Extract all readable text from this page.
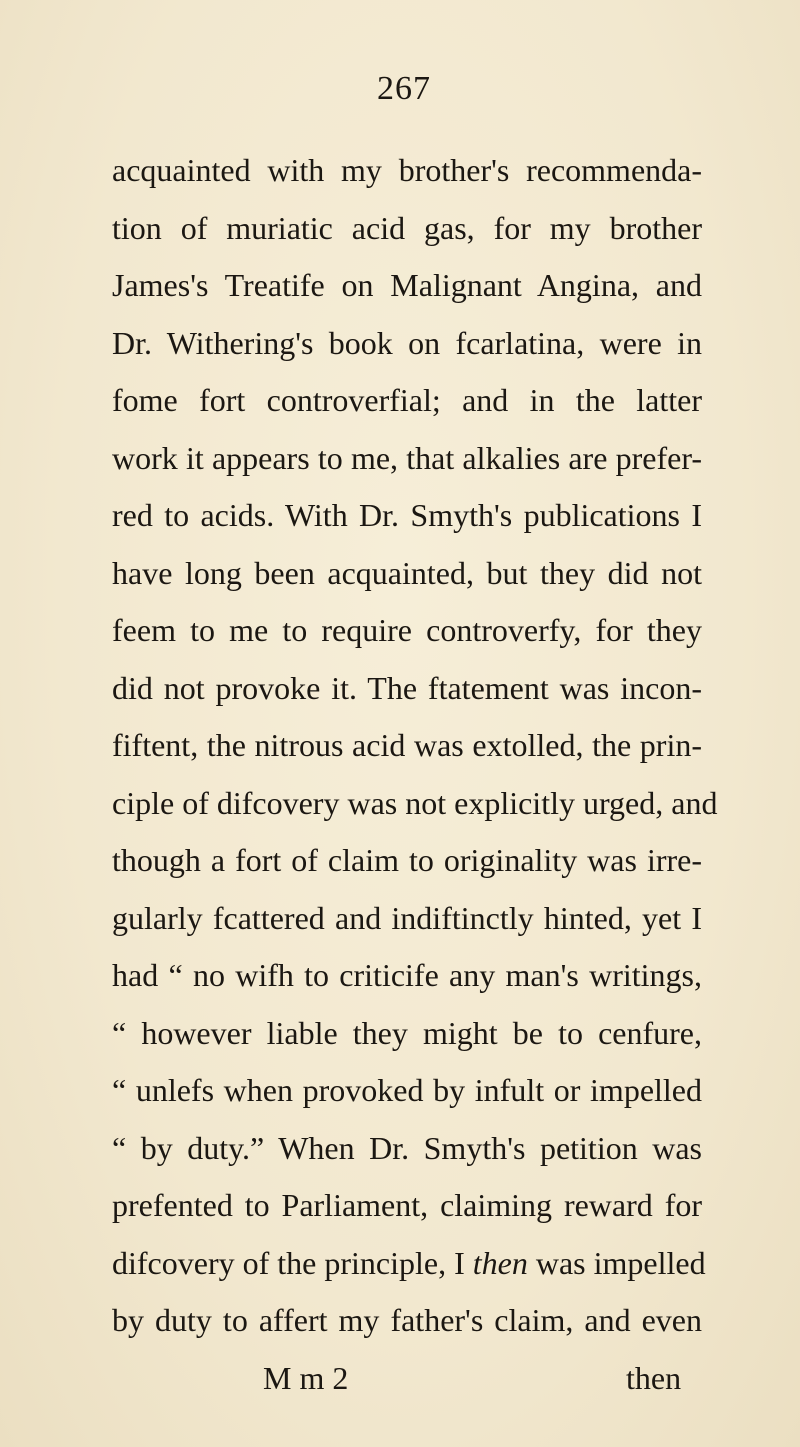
267
acquainted with my brother's recommenda-
tion of muriatic acid gas, for my brother
James's Treatife on Malignant Angina, and
Dr. Withering's book on fcarlatina, were in
fome fo⁠rt controverfial; and in the latter
work it appears to me, that alkalies are prefer-
red to acids. With Dr. Smyth's publications I
have long been acquainted, but they did not
feem to me to require controverfy, for they
did not provoke it. The ftatement was incon-
fiftent, the nitrous acid was extolled, the prin-
ciple of difcovery was not explicitly urged, and
though a fort of claim to originality was irre-
gularly fcattered and indiftinctly hinted, yet I
had “ no wifh to criticife any man's writings,
“ however liable they might be to cenfure,
“ unlefs when provoked by infult or impelled
“ by duty.” When Dr. Smyth's petition was
prefented to Parliament, claiming reward for
difcovery of the principle, I then was impelled
by duty to affert my father's claim, and even
M m 2	then
